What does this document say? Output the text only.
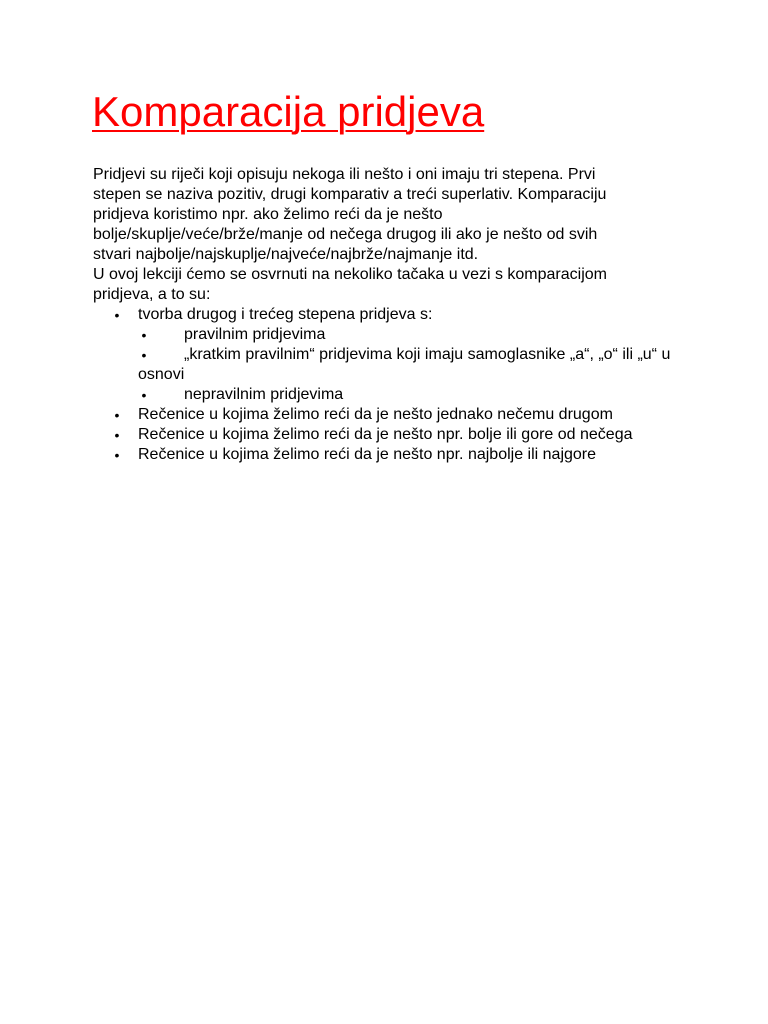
Komparacija pridjeva

Pridjevi su riječi koji opisuju nekoga ili nešto i oni imaju tri stepena. Prvi
stepen se naziva pozitiv, drugi komparativ a treći superlativ. Komparaciju
pridjeva koristimo npr. ako želimo reći da je nešto
bolje/skuplje/veće/brže/manje od nečega drugog ili ako je nešto od svih
stvari najbolje/najskuplje/najveće/najbrže/najmanje itd.

U ovoj lekciji ćemo se osvrnuti na nekoliko tačaka u vezi s komparacijom
pridjeva, a to su:

• tvorba drugog i trećeg stepena pridjeva s:
•	pravilnim pridjevima
•	„kratkim pravilnim“ pridjevima koji imaju samoglasnike „a“, „o“ ili „u“ u osnovi
•	nepravilnim pridjevima
• Rečenice u kojima želimo reći da je nešto jednako nečemu drugom
• Rečenice u kojima želimo reći da je nešto npr. bolje ili gore od nečega
• Rečenice u kojima želimo reći da je nešto npr. najbolje ili najgore
